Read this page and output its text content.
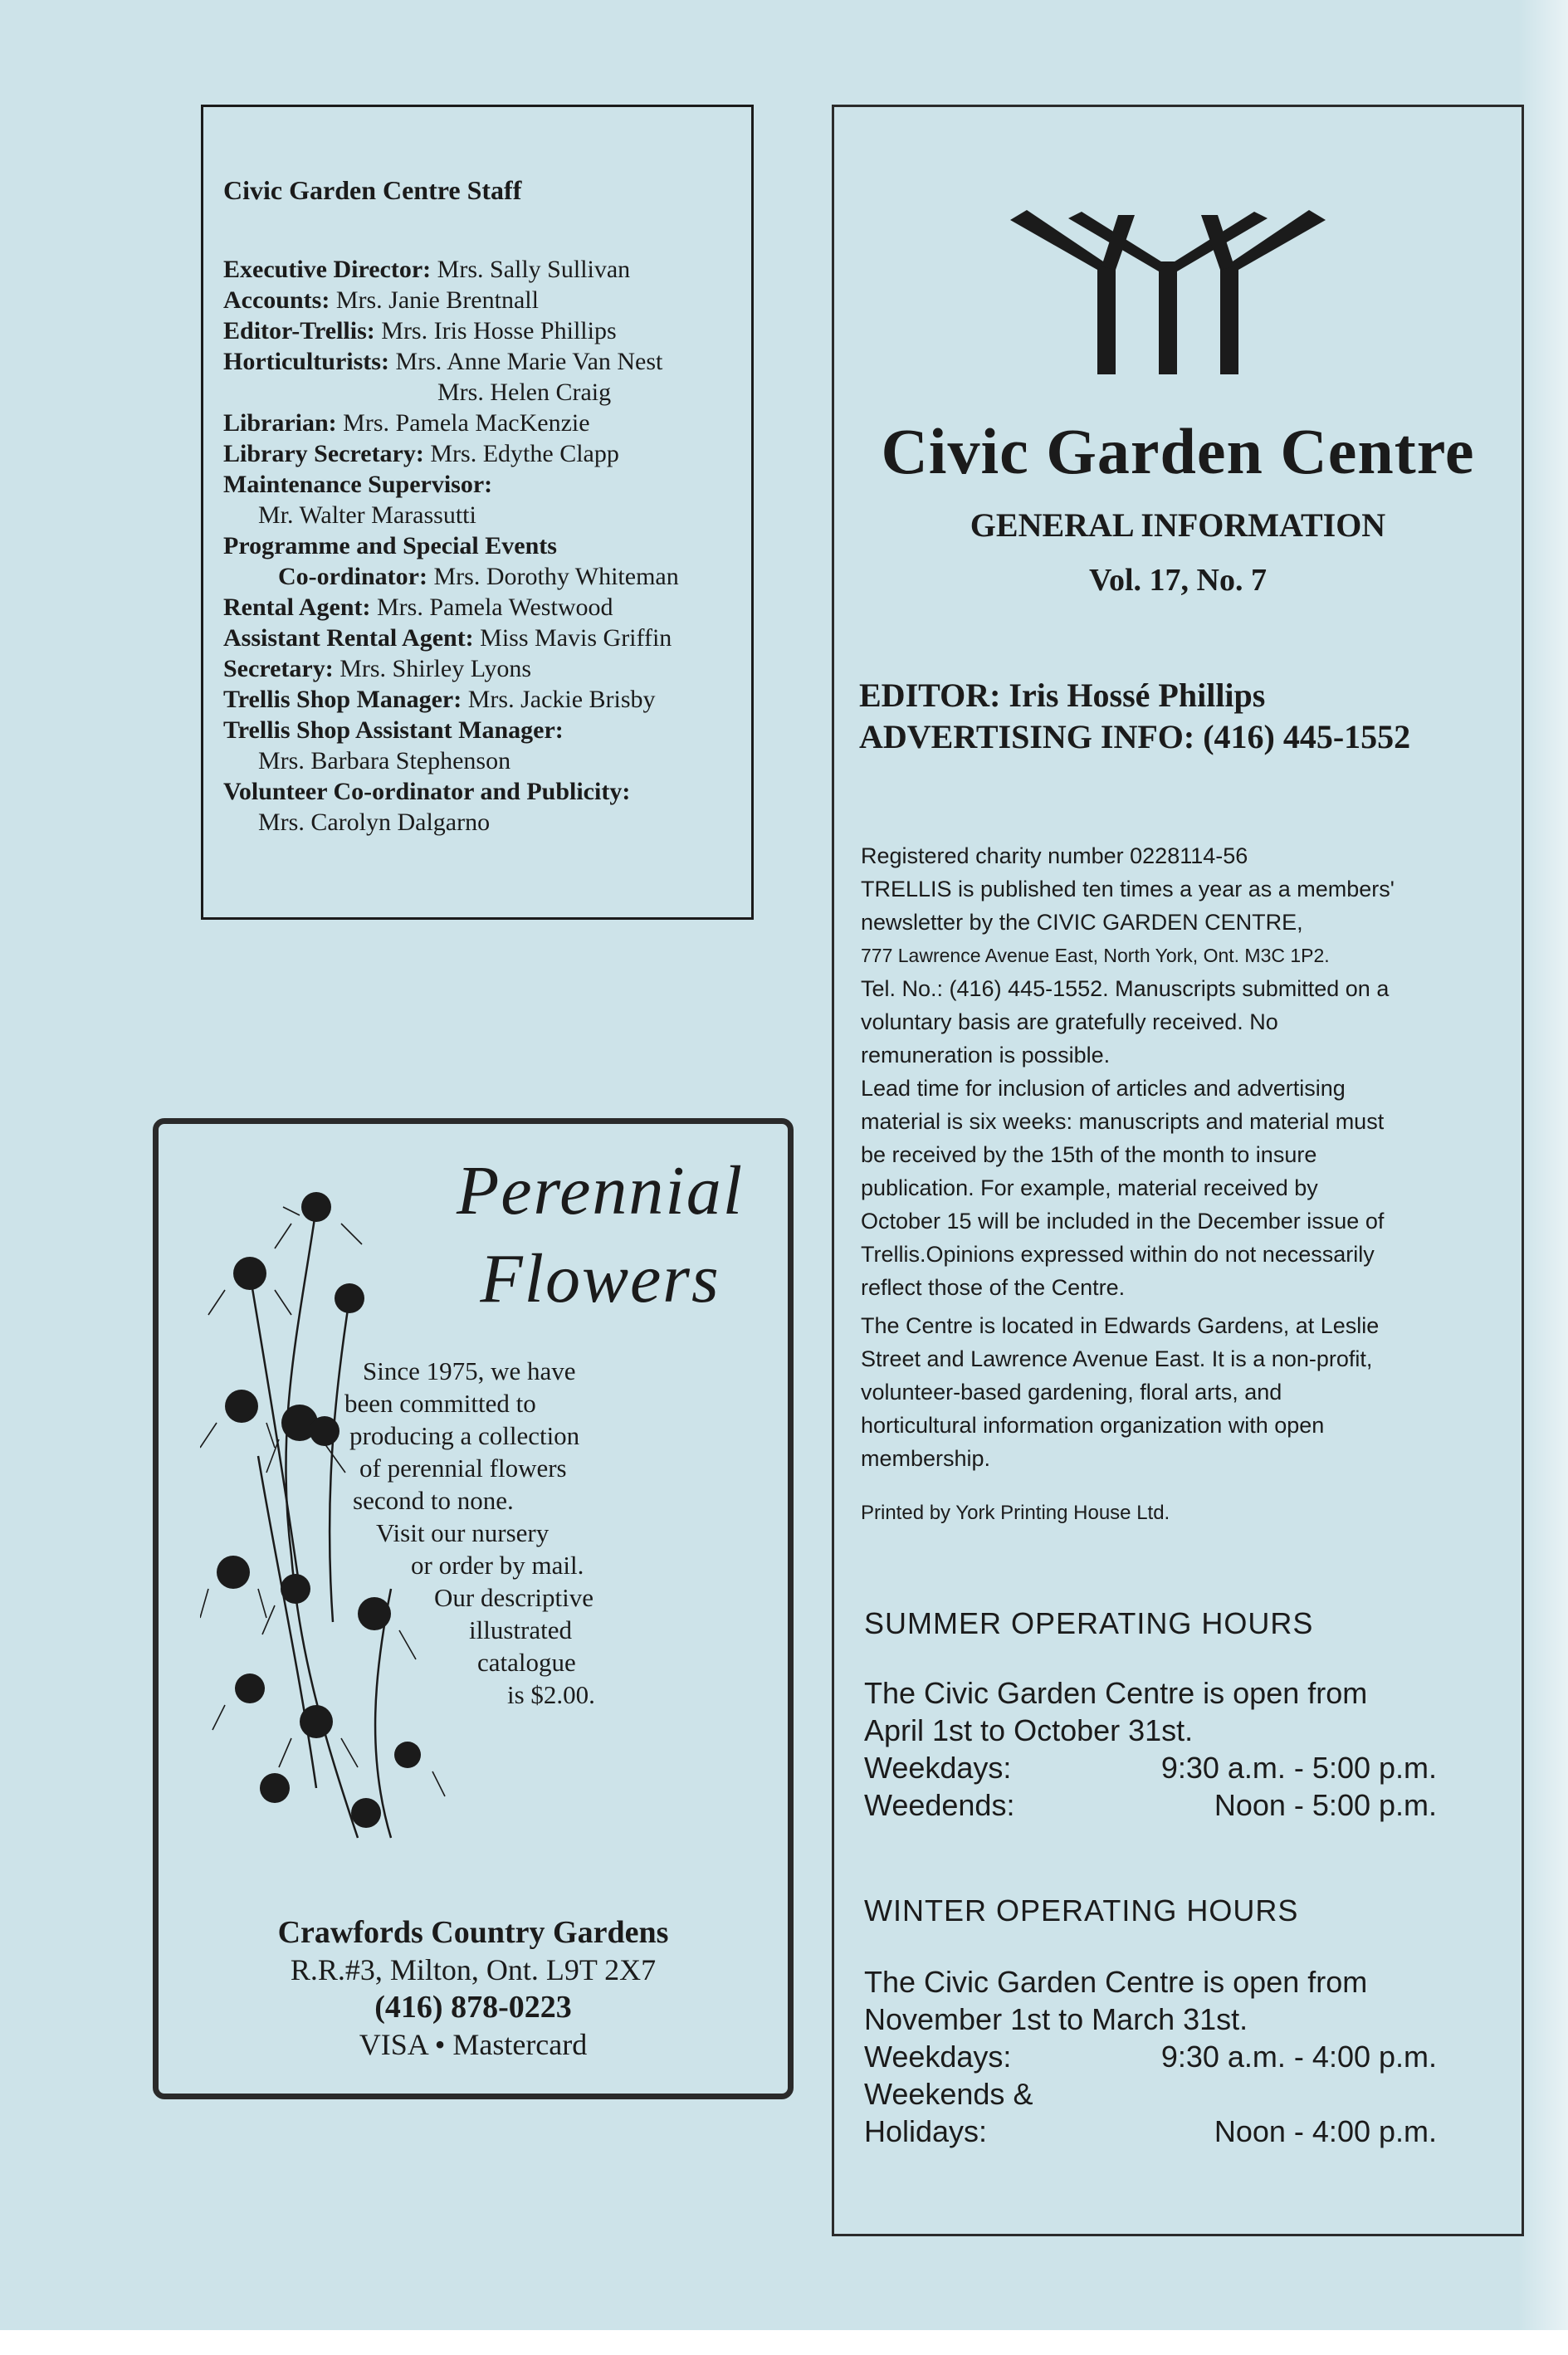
Civic Garden Centre Staff
Executive Director: Mrs. Sally Sullivan
Accounts: Mrs. Janie Brentnall
Editor-Trellis: Mrs. Iris Hosse Phillips
Horticulturists: Mrs. Anne Marie Van Nest
Mrs. Helen Craig
Librarian: Mrs. Pamela MacKenzie
Library Secretary: Mrs. Edythe Clapp
Maintenance Supervisor:
Mr. Walter Marassutti
Programme and Special Events
Co-ordinator: Mrs. Dorothy Whiteman
Rental Agent: Mrs. Pamela Westwood
Assistant Rental Agent: Miss Mavis Griffin
Secretary: Mrs. Shirley Lyons
Trellis Shop Manager: Mrs. Jackie Brisby
Trellis Shop Assistant Manager:
Mrs. Barbara Stephenson
Volunteer Co-ordinator and Publicity:
Mrs. Carolyn Dalgarno
Perennial
Flowers
Since 1975, we have
been committed to
producing a collection
of perennial flowers
second to none.
Visit our nursery
or order by mail.
Our descriptive
illustrated
catalogue
is $2.00.
Crawfords Country Gardens
R.R.#3, Milton, Ont. L9T 2X7
(416) 878-0223
VISA • Mastercard
Civic Garden Centre
GENERAL INFORMATION
Vol. 17, No. 7
EDITOR: Iris Hossé Phillips
ADVERTISING INFO: (416) 445-1552
Registered charity number 0228114-56
TRELLIS is published ten times a year as a members'
newsletter by the CIVIC GARDEN CENTRE,
777 Lawrence Avenue East, North York, Ont. M3C 1P2.
Tel. No.: (416) 445-1552. Manuscripts submitted on a
voluntary basis are gratefully received. No
remuneration is possible.
Lead time for inclusion of articles and advertising
material is six weeks: manuscripts and material must
be received by the 15th of the month to insure
publication. For example, material received by
October 15 will be included in the December issue of
Trellis.Opinions expressed within do not necessarily
reflect those of the Centre.
The Centre is located in Edwards Gardens, at Leslie
Street and Lawrence Avenue East. It is a non-profit,
volunteer-based gardening, floral arts, and
horticultural information organization with open
membership.
Printed by York Printing House Ltd.
SUMMER OPERATING HOURS
The Civic Garden Centre is open from
April 1st to October 31st.
Weekdays:	9:30 a.m. - 5:00 p.m.
Weedends:	Noon - 5:00 p.m.
WINTER OPERATING HOURS
The Civic Garden Centre is open from
November 1st to March 31st.
Weekdays:	9:30 a.m. - 4:00 p.m.
Weekends &
Holidays:	Noon - 4:00 p.m.
